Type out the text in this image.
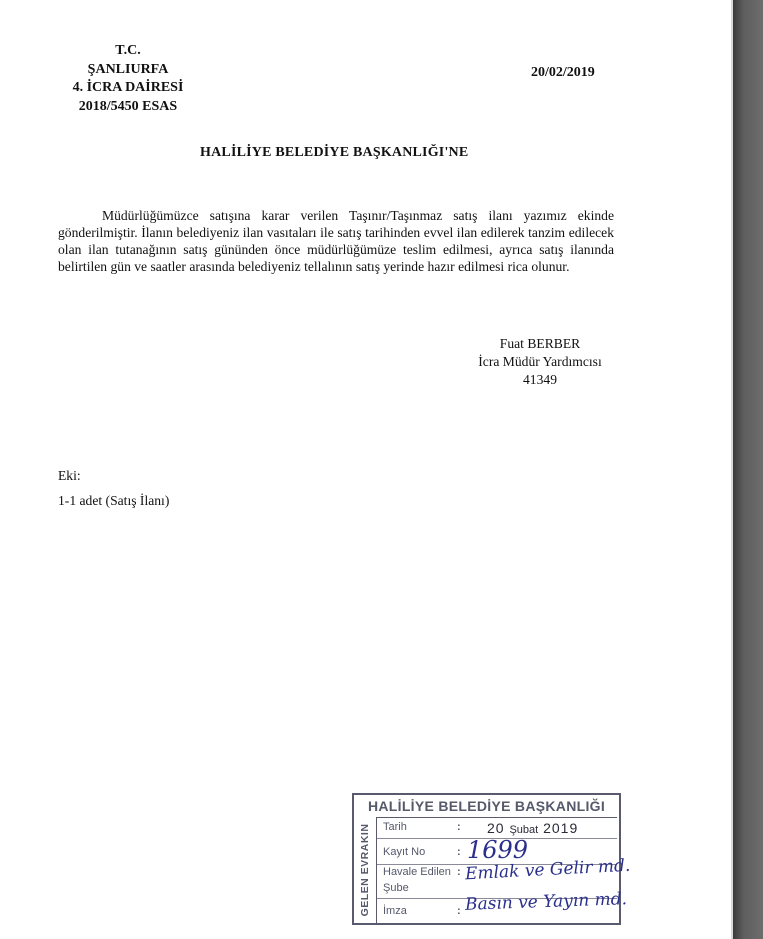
T.C.
ŞANLIURFA
4. İCRA DAİRESİ
2018/5450 ESAS
20/02/2019
HALİLİYE BELEDİYE BAŞKANLIĞI'NE
Müdürlüğümüzce satışına karar verilen Taşınır/Taşınmaz satış ilanı yazımız ekinde gönderilmiştir. İlanın belediyeniz ilan vasıtaları ile satış tarihinden evvel ilan edilerek tanzim edilecek olan ilan tutanağının satış gününden önce müdürlüğümüze teslim edilmesi, ayrıca satış ilanında belirtilen gün ve saatler arasında belediyeniz tellalının satış yerinde hazır edilmesi rica olunur.
Fuat BERBER
İcra Müdür Yardımcısı
41349
Eki:
1-1 adet (Satış İlanı)
HALİLİYE BELEDİYE BAŞKANLIĞI
GELEN EVRAKIN Tarih	: 20 Şubat 2019
Kayıt No	: 1699
Havale Edilen : Emlak ve Gelir md.
Şube
İmza	: Basın ve Yayın md.
